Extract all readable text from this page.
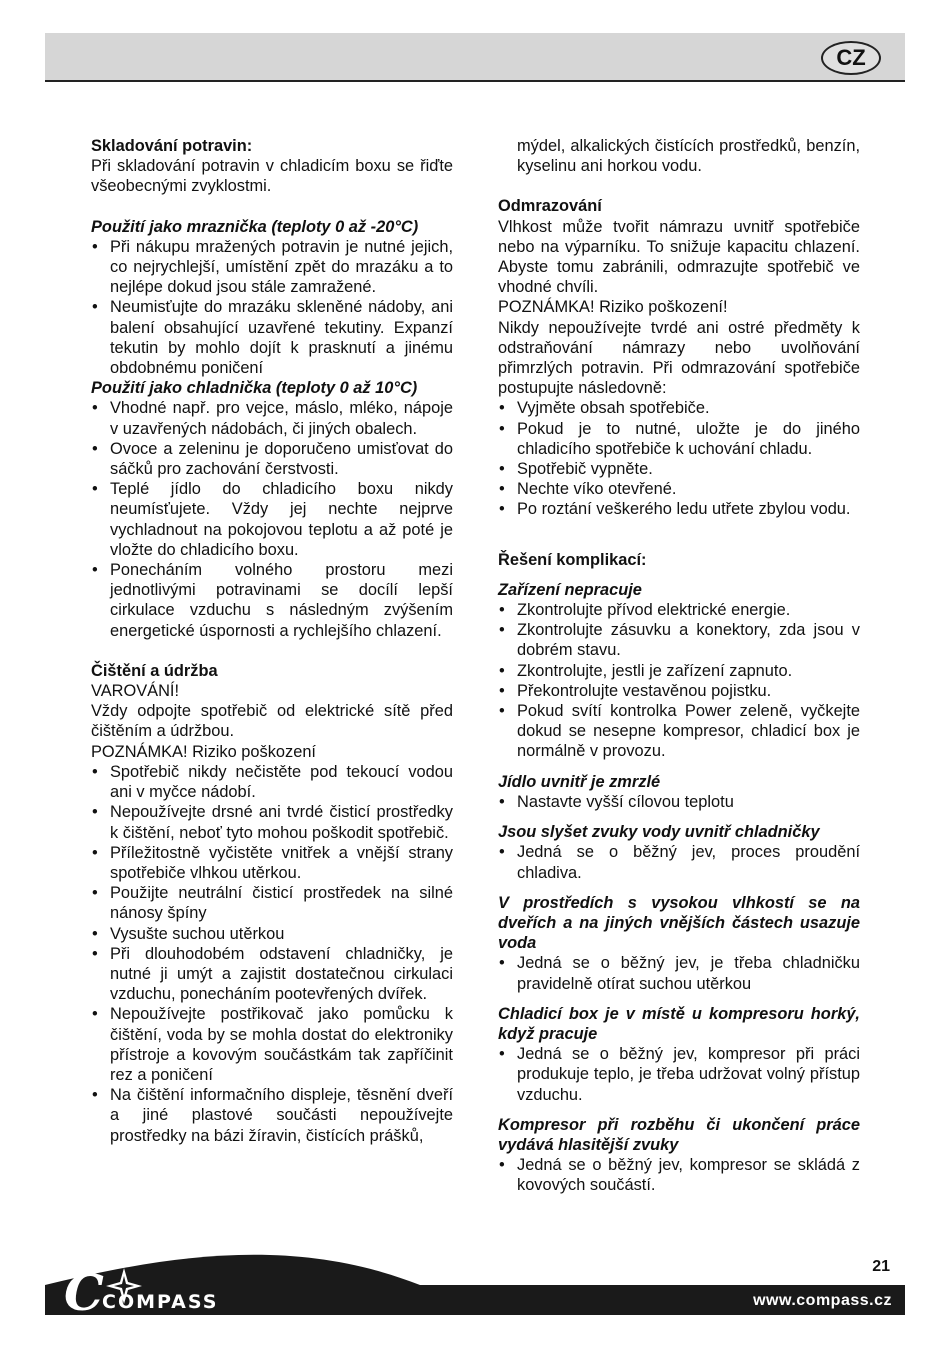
CZ
Skladování potravin:
Při skladování potravin v chladicím boxu se řiďte všeobecnými zvyklostmi.
Použití jako mraznička (teploty 0 až -20°C)
• Při nákupu mražených potravin je nutné jejich, co nejrychlejší, umístění zpět do mrazáku a to nejlépe dokud jsou stále zamražené.
• Neumisťujte do mrazáku skleněné nádoby, ani balení obsahující uzavřené tekutiny. Expanzí tekutin by mohlo dojít k prasknutí a jinému obdobnému poničení
Použití jako chladnička (teploty 0 až 10°C)
• Vhodné např. pro vejce, máslo, mléko, nápoje v uzavřených nádobách, či jiných obalech.
• Ovoce a zeleninu je doporučeno umisťovat do sáčků pro zachování čerstvosti.
• Teplé jídlo do chladicího boxu nikdy neumísťujete. Vždy jej nechte nejprve vychladnout na pokojovou teplotu a až poté je vložte do chladicího boxu.
• Ponecháním volného prostoru mezi jednotlivými potravinami se docílí lepší cirkulace vzduchu s následným zvýšením energetické úspornosti a rychlejšího chlazení.
Čištění a údržba
VAROVÁNÍ!
Vždy odpojte spotřebič od elektrické sítě před čištěním a údržbou.
POZNÁMKA! Riziko poškození
• Spotřebič nikdy nečistěte pod tekoucí vodou ani v myčce nádobí.
• Nepoužívejte drsné ani tvrdé čisticí prostředky k čištění, neboť tyto mohou poškodit spotřebič.
• Příležitostně vyčistěte vnitřek a vnější strany spotřebiče vlhkou utěrkou.
• Použijte neutrální čisticí prostředek na silné nánosy špíny
• Vysušte suchou utěrkou
• Při dlouhodobém odstavení chladničky, je nutné ji umýt a zajistit dostatečnou cirkulaci vzduchu, ponecháním pootevřených dvířek.
• Nepoužívejte postřikovač jako pomůcku k čištění, voda by se mohla dostat do elektroniky přístroje a kovovým součástkám tak zapříčinit rez a poničení
• Na čištění informačního displeje, těsnění dveří a jiné plastové součásti nepoužívejte prostředky na bázi žíravin, čistících prášků,
mýdel, alkalických čistících prostředků, benzín, kyselinu ani horkou vodu.
Odmrazování
Vlhkost může tvořit námrazu uvnitř spotřebiče nebo na výparníku. To snižuje kapacitu chlazení. Abyste tomu zabránili, odmrazujte spotřebič ve vhodné chvíli.
POZNÁMKA! Riziko poškození!
Nikdy nepoužívejte tvrdé ani ostré předměty k odstraňování námrazy nebo uvolňování přimrzlých potravin. Při odmrazování spotřebiče postupujte následovně:
• Vyjměte obsah spotřebiče.
• Pokud je to nutné, uložte je do jiného chladicího spotřebiče k uchování chladu.
• Spotřebič vypněte.
• Nechte víko otevřené.
• Po roztání veškerého ledu utřete zbylou vodu.
Řešení komplikací:
Zařízení nepracuje
• Zkontrolujte přívod elektrické energie.
• Zkontrolujte zásuvku a konektory, zda jsou v dobrém stavu.
• Zkontrolujte, jestli je zařízení zapnuto.
• Překontrolujte vestavěnou pojistku.
• Pokud svítí kontrolka Power zeleně, vyčkejte dokud se nesepne kompresor, chladicí box je normálně v provozu.
Jídlo uvnitř je zmrzlé
• Nastavte vyšší cílovou teplotu
Jsou slyšet zvuky vody uvnitř chladničky
• Jedná se o běžný jev, proces proudění chladiva.
V prostředích s vysokou vlhkostí se na dveřích a na jiných vnějších částech usazuje voda
• Jedná se o běžný jev, je třeba chladničku pravidelně otírat suchou utěrkou
Chladicí box je v místě u kompresoru horký, když pracuje
• Jedná se o běžný jev, kompresor při práci produkuje teplo, je třeba udržovat volný přístup vzduchu.
Kompresor při rozběhu či ukončení práce vydává hlasitější zvuky
• Jedná se o běžný jev, kompresor se skládá z kovových součástí.
C
COMPASS
21
www.compass.cz
